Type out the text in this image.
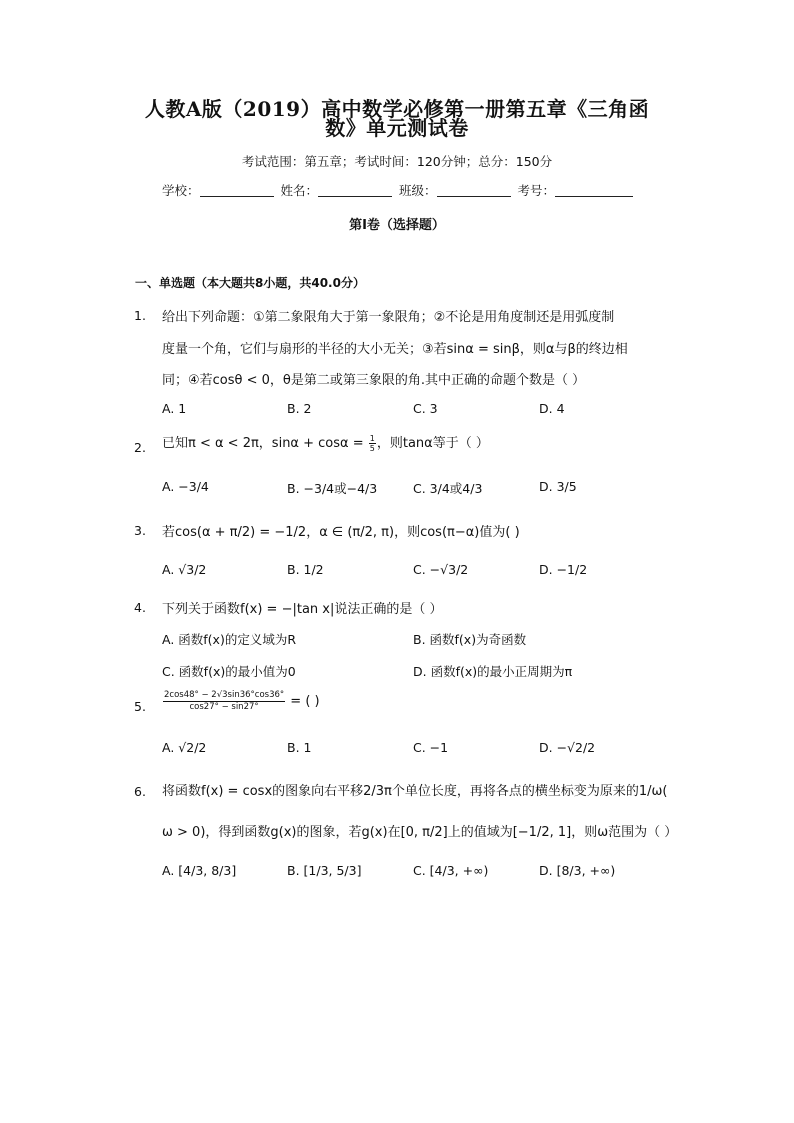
人教A版（2019）高中数学必修第一册第五章《三角函
数》单元测试卷
考试范围：第五章；考试时间：120分钟；总分：150分
学校：	姓名：	班级：	考号：
第I卷（选择题）
一、单选题（本大题共8小题，共40.0分）
1. 给出下列命题：①第二象限角大于第一象限角；②不论是用角度制还是用弧度制
度量一个角，它们与扇形的半径的大小无关；③若sinα = sinβ，则α与β的终边相
同；④若cosθ < 0，θ是第二或第三象限的角.其中正确的命题个数是（ ）
A. 1	B. 2	C. 3	D. 4
2. 已知π < α < 2π，$\sin\alpha + \cos\alpha = \frac{1}{5}$ ，则tanα等于（ ）
A. −3/4	B. −3/4或−4/3	C. 3/4或4/3	D. 3/5
3. 若cos(α + π/2) = −1/2，α ∈ (π/2, π)，则cos(π−α)值为( )
A. √3/2	B. 1/2	C. −√3/2	D. −1/2
4. 下列关于函数f(x) = −|tan x|说法正确的是（ ）
A. 函数f(x)的定义域为R	B. 函数f(x)为奇函数
C. 函数f(x)的最小值为0	D. 函数f(x)的最小正周期为π
5. $\frac{2\cos 48^\circ - 2√3\sin 36^\circ\cos 36^\circ}{\cos 27^\circ - \sin 27^\circ}$ = ( )
A. √2/2	B. 1	C. −1	D. −√2/2
6. 将函数f(x) = cosx的图象向右平移2/3π个单位长度，再将各点的横坐标变为原来的1/ω(
ω > 0)，得到函数g(x)的图象，若g(x)在[0, π/2]上的值域为[−1/2, 1]，则ω范围为（ ）
A. [4/3, 8/3]	B. [1/3, 5/3]	C. [4/3, +∞)	D. [8/3, +∞)
